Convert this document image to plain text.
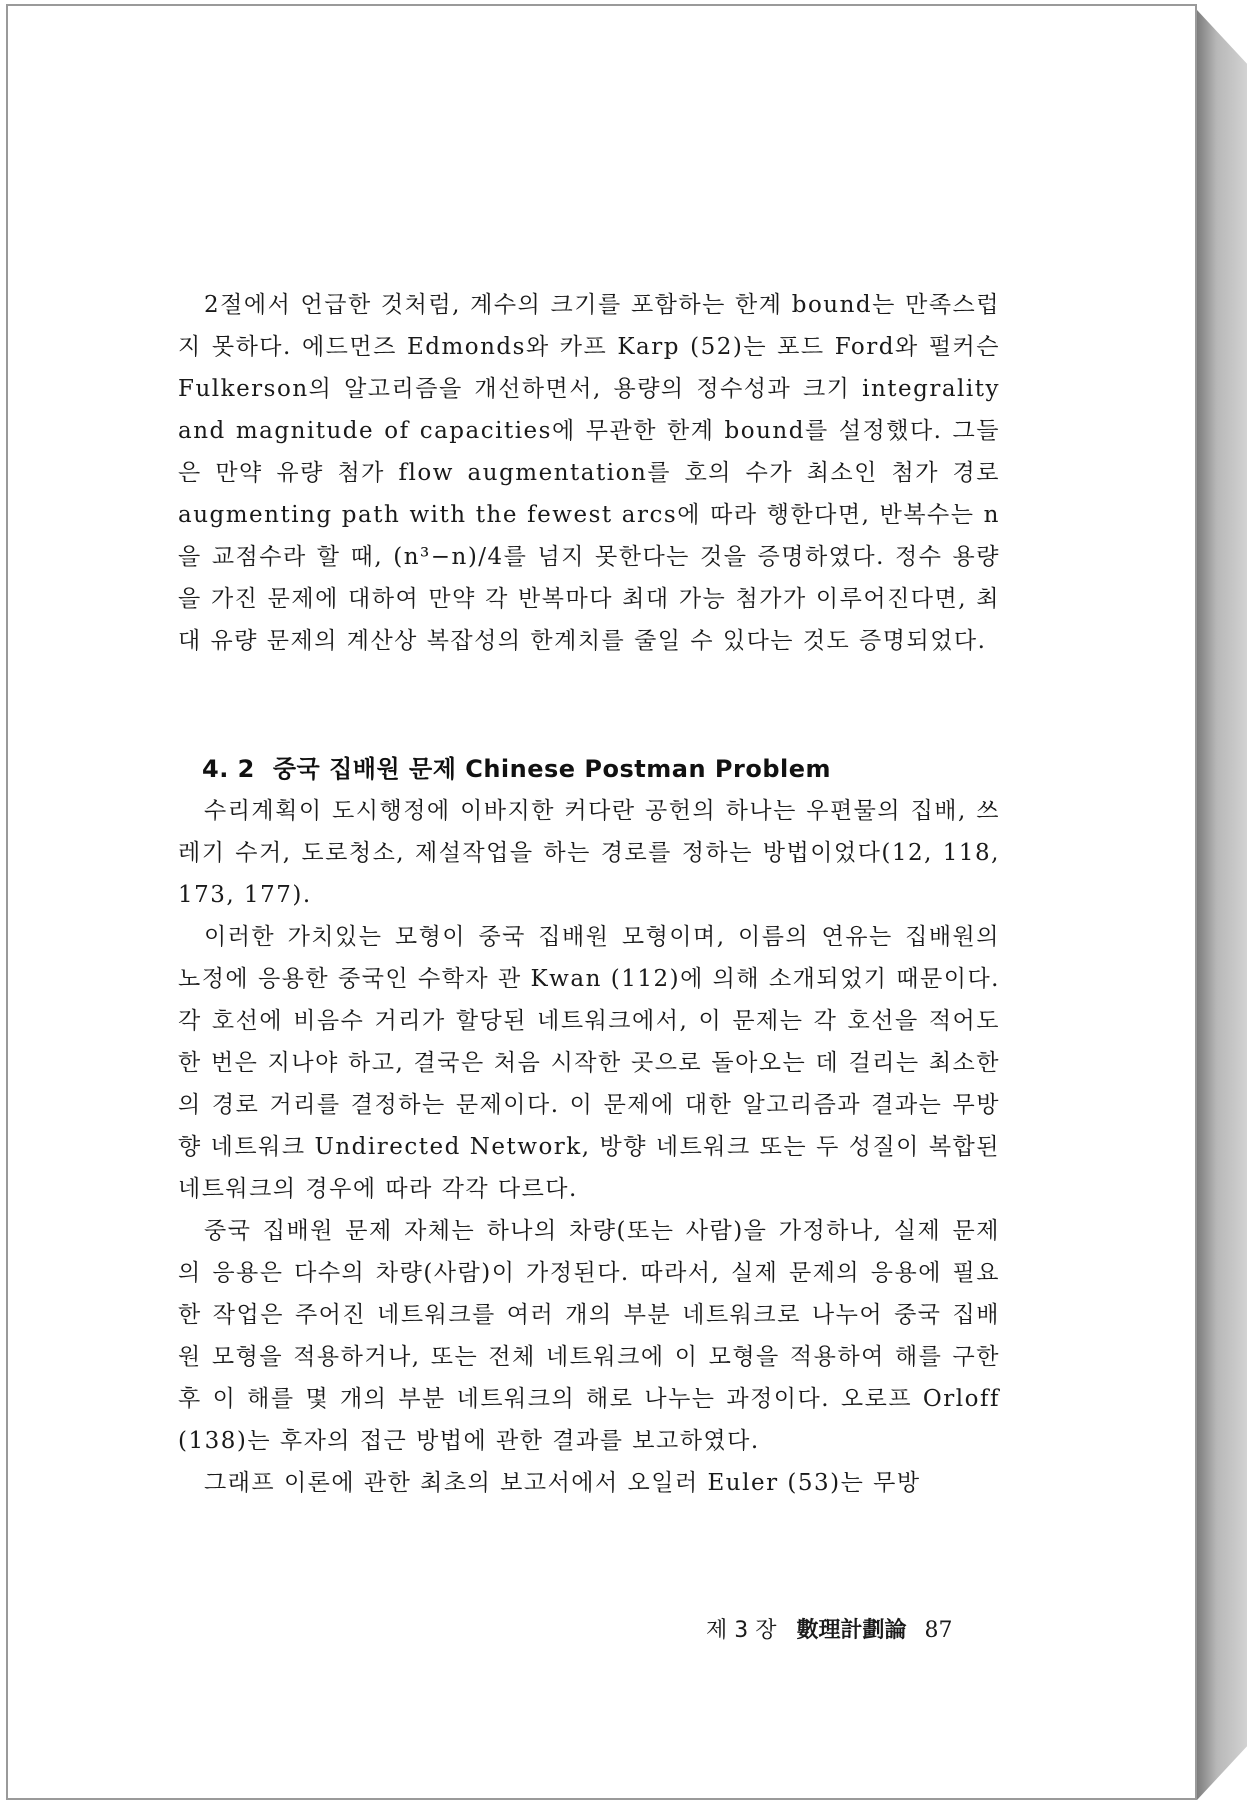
2절에서 언급한 것처럼, 계수의 크기를 포함하는 한계 bound는 만족스럽지 못하다. 에드먼즈 Edmonds와 카프 Karp (52)는 포드 Ford와 펄커슨 Fulkerson의 알고리즘을 개선하면서, 용량의 정수성과 크기 integrality and magnitude of capacities에 무관한 한계 bound를 설정했다. 그들은 만약 유량 첨가 flow augmentation를 호의 수가 최소인 첨가 경로 augmenting path with the fewest arcs에 따라 행한다면, 반복수는 n을 교점수라 할 때, (n³−n)/4를 넘지 못한다는 것을 증명하였다. 정수 용량을 가진 문제에 대하여 만약 각 반복마다 최대 가능 첨가가 이루어진다면, 최대 유량 문제의 계산상 복잡성의 한계치를 줄일 수 있다는 것도 증명되었다.

4. 2 중국 집배원 문제 Chinese Postman Problem

수리계획이 도시행정에 이바지한 커다란 공헌의 하나는 우편물의 집배, 쓰레기 수거, 도로청소, 제설작업을 하는 경로를 정하는 방법이었다(12, 118, 173, 177).

이러한 가치있는 모형이 중국 집배원 모형이며, 이름의 연유는 집배원의 노정에 응용한 중국인 수학자 관 Kwan (112)에 의해 소개되었기 때문이다. 각 호선에 비음수 거리가 할당된 네트워크에서, 이 문제는 각 호선을 적어도 한 번은 지나야 하고, 결국은 처음 시작한 곳으로 돌아오는 데 걸리는 최소한의 경로 거리를 결정하는 문제이다. 이 문제에 대한 알고리즘과 결과는 무방향 네트워크 Undirected Network, 방향 네트워크 또는 두 성질이 복합된 네트워크의 경우에 따라 각각 다르다.

중국 집배원 문제 자체는 하나의 차량(또는 사람)을 가정하나, 실제 문제의 응용은 다수의 차량(사람)이 가정된다. 따라서, 실제 문제의 응용에 필요한 작업은 주어진 네트워크를 여러 개의 부분 네트워크로 나누어 중국 집배원 모형을 적용하거나, 또는 전체 네트워크에 이 모형을 적용하여 해를 구한 후 이 해를 몇 개의 부분 네트워크의 해로 나누는 과정이다. 오로프 Orloff (138)는 후자의 접근 방법에 관한 결과를 보고하였다.

그래프 이론에 관한 최초의 보고서에서 오일러 Euler (53)는 무방

제 3 장 數理計劃論 87
